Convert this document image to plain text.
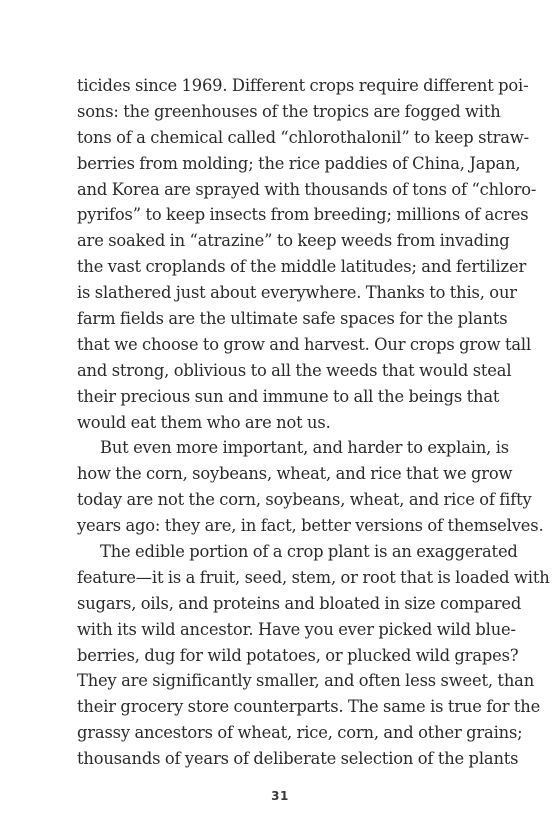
ticides since 1969. Different crops require different poi-
sons: the greenhouses of the tropics are fogged with
tons of a chemical called “chlorothalonil” to keep straw-
berries from molding; the rice paddies of China, Japan,
and Korea are sprayed with thousands of tons of “chloro-
pyrifos” to keep insects from breeding; millions of acres
are soaked in “atrazine” to keep weeds from invading
the vast croplands of the middle latitudes; and fertilizer
is slathered just about everywhere. Thanks to this, our
farm fields are the ultimate safe spaces for the plants
that we choose to grow and harvest. Our crops grow tall
and strong, oblivious to all the weeds that would steal
their precious sun and immune to all the beings that
would eat them who are not us.
But even more important, and harder to explain, is
how the corn, soybeans, wheat, and rice that we grow
today are not the corn, soybeans, wheat, and rice of fifty
years ago: they are, in fact, better versions of themselves.
The edible portion of a crop plant is an exaggerated
feature—it is a fruit, seed, stem, or root that is loaded with
sugars, oils, and proteins and bloated in size compared
with its wild ancestor. Have you ever picked wild blue-
berries, dug for wild potatoes, or plucked wild grapes?
They are significantly smaller, and often less sweet, than
their grocery store counterparts. The same is true for the
grassy ancestors of wheat, rice, corn, and other grains;
thousands of years of deliberate selection of the plants
31
